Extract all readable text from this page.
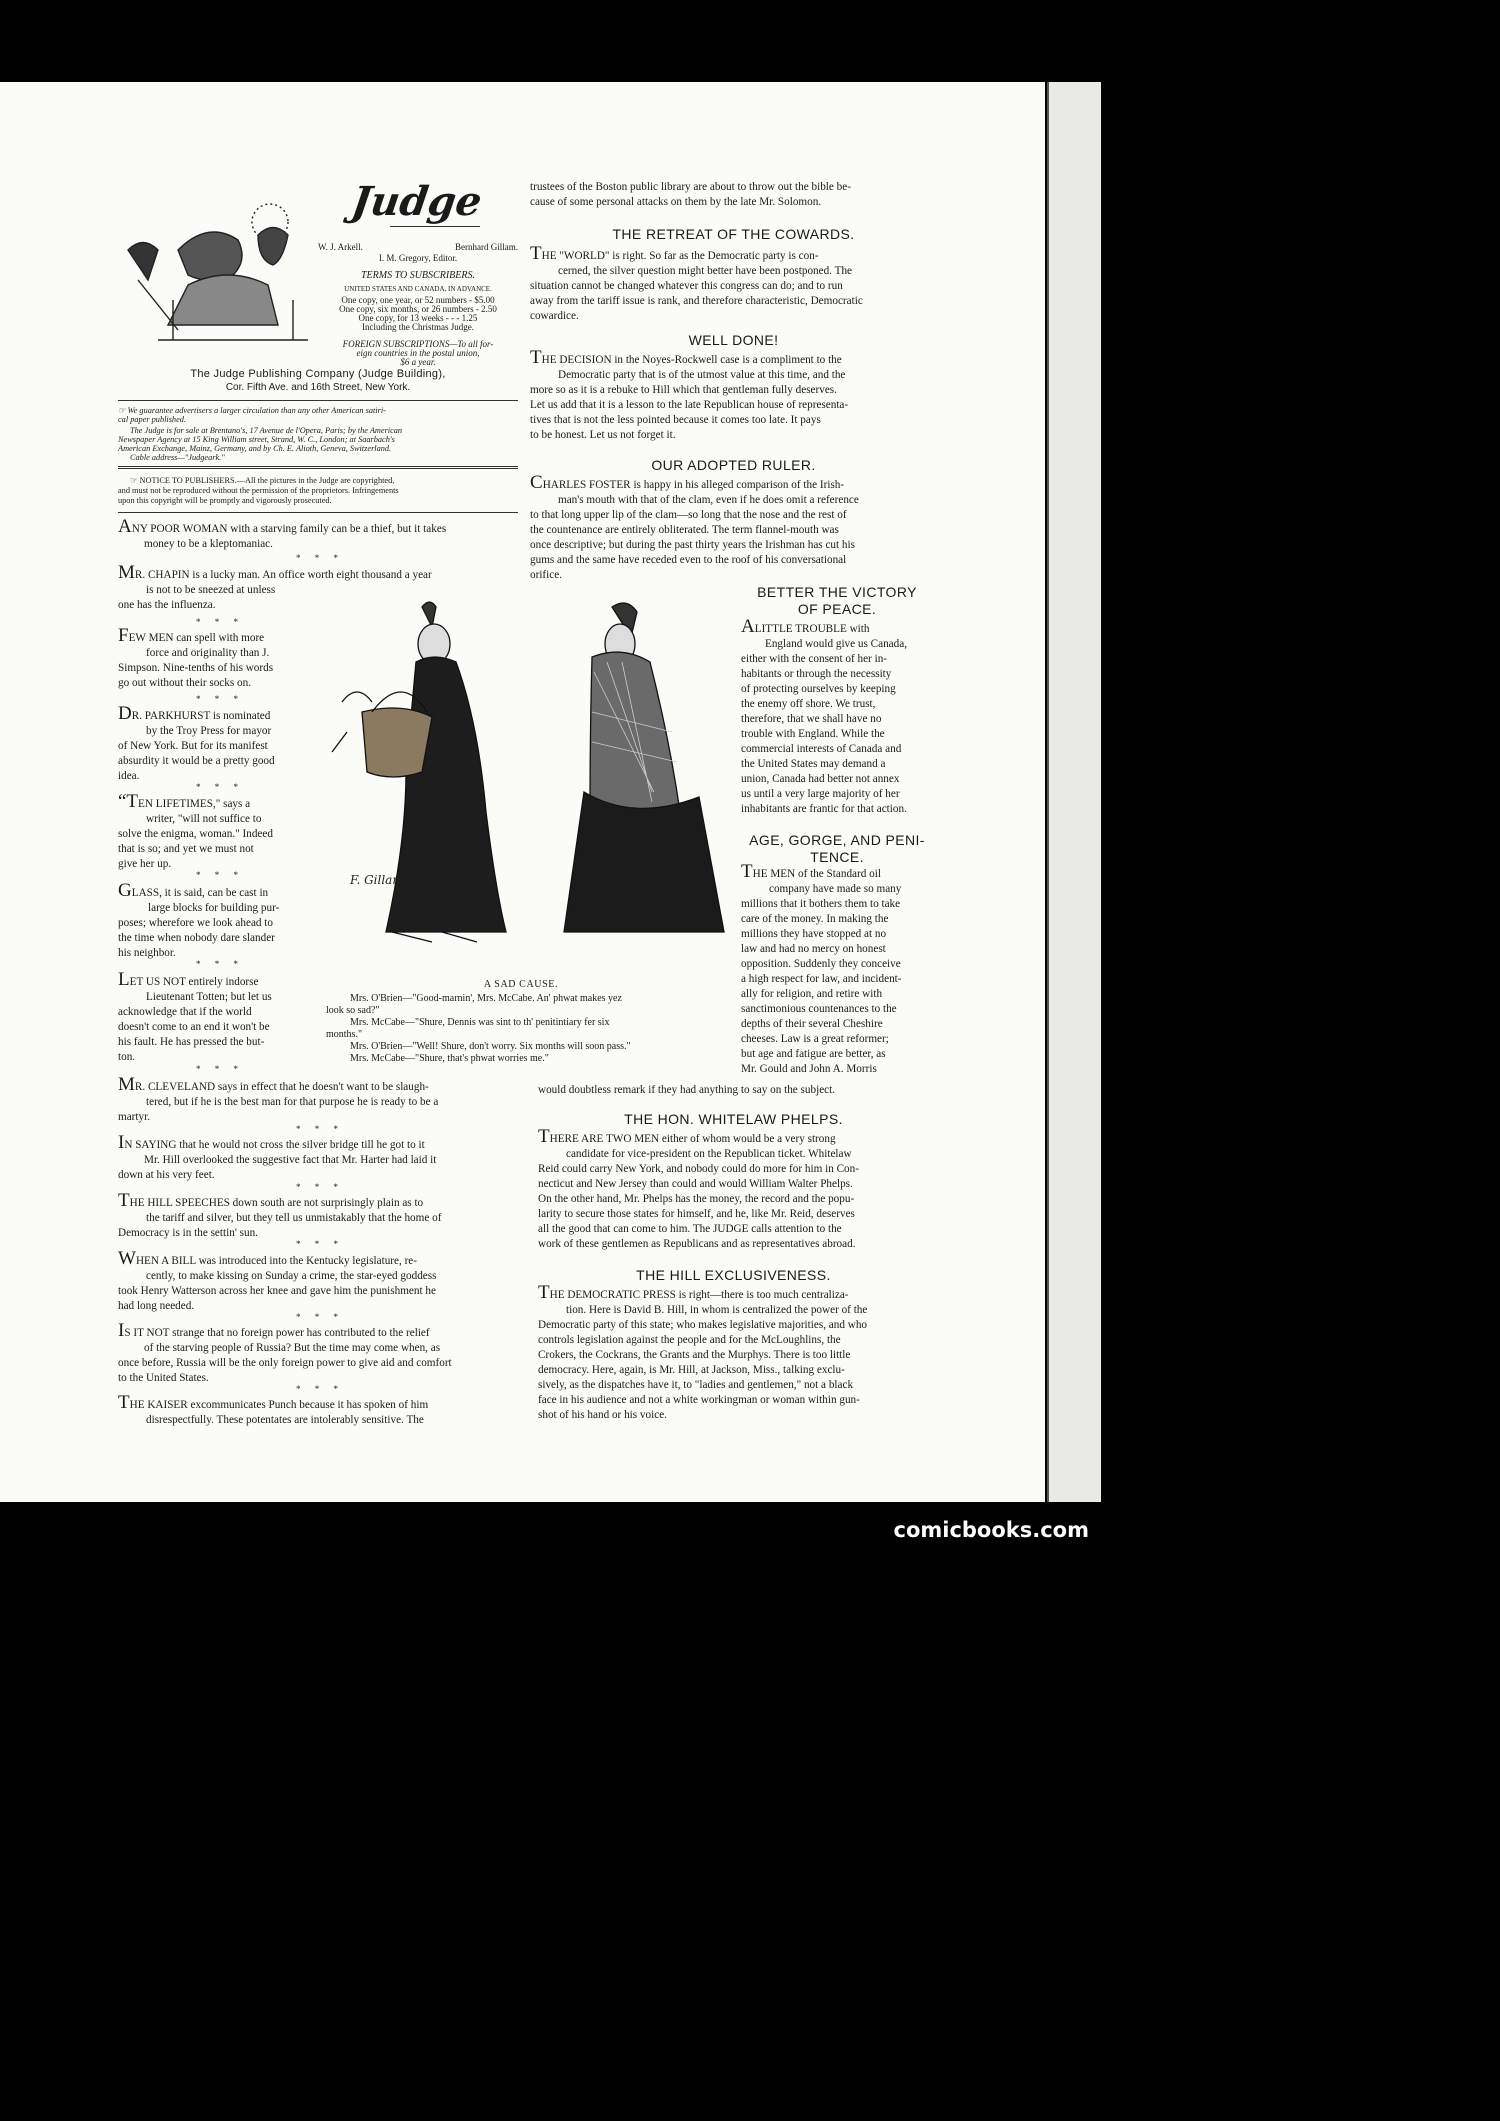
Judge
W. J. Arkell.	Bernhard Gillam.
I. M. Gregory, Editor.
TERMS TO SUBSCRIBERS.
UNITED STATES AND CANADA, IN ADVANCE.
One copy, one year, or 52 numbers - $5.00
One copy, six months, or 26 numbers - 2.50
One copy, for 13 weeks - - - 1.25
Including the Christmas Judge.
FOREIGN SUBSCRIPTIONS—To all for-
eign countries in the postal union,
$6 a year.
The Judge Publishing Company (Judge Building),
Cor. Fifth Ave. and 16th Street, New York.
☞ We guarantee advertisers a larger circulation than any other American satiri-
cal paper published.
The Judge is for sale at Brentano's, 17 Avenue de l'Opera, Paris; by the American
Newspaper Agency at 15 King William street, Strand, W. C., London; at Saarbach's
American Exchange, Mainz, Germany, and by Ch. E. Alioth, Geneva, Switzerland.
Cable address—"Judgeark."
☞ NOTICE TO PUBLISHERS.—All the pictures in the Judge are copyrighted,
and must not be reproduced without the permission of the proprietors. Infringements
upon this copyright will be promptly and vigorously prosecuted.
ANY POOR WOMAN with a starving family can be a thief, but it takes
money to be a kleptomaniac.
* * *
MR. CHAPIN is a lucky man. An office worth eight thousand a year
is not to be sneezed at unless
one has the influenza.
* * *
FEW MEN can spell with more
force and originality than J.
Simpson. Nine-tenths of his words
go out without their socks on.
* * *
DR. PARKHURST is nominated
by the Troy Press for mayor
of New York. But for its manifest
absurdity it would be a pretty good
idea.
* * *
“TEN LIFETIMES," says a
writer, "will not suffice to
solve the enigma, woman." Indeed
that is so; and yet we must not
give her up.
* * *
GLASS, it is said, can be cast in
large blocks for building pur-
poses; wherefore we look ahead to
the time when nobody dare slander
his neighbor.
* * *
LET US NOT entirely indorse
Lieutenant Totten; but let us
acknowledge that if the world
doesn't come to an end it won't be
his fault. He has pressed the but-
ton.
* * *
MR. CLEVELAND says in effect that he doesn't want to be slaugh-
tered, but if he is the best man for that purpose he is ready to be a
martyr.
* * *
IN SAYING that he would not cross the silver bridge till he got to it
Mr. Hill overlooked the suggestive fact that Mr. Harter had laid it
down at his very feet.
* * *
THE HILL SPEECHES down south are not surprisingly plain as to
the tariff and silver, but they tell us unmistakably that the home of
Democracy is in the settin' sun.
* * *
WHEN A BILL was introduced into the Kentucky legislature, re-
cently, to make kissing on Sunday a crime, the star-eyed goddess
took Henry Watterson across her knee and gave him the punishment he
had long needed.
* * *
IS IT NOT strange that no foreign power has contributed to the relief
of the starving people of Russia? But the time may come when, as
once before, Russia will be the only foreign power to give aid and comfort
to the United States.
* * *
THE KAISER excommunicates Punch because it has spoken of him
disrespectfully. These potentates are intolerably sensitive. The
trustees of the Boston public library are about to throw out the bible be-
cause of some personal attacks on them by the late Mr. Solomon.
THE RETREAT OF THE COWARDS.
THE "WORLD" is right. So far as the Democratic party is con-
cerned, the silver question might better have been postponed. The
situation cannot be changed whatever this congress can do; and to run
away from the tariff issue is rank, and therefore characteristic, Democratic
cowardice.
WELL DONE!
THE DECISION in the Noyes-Rockwell case is a compliment to the
Democratic party that is of the utmost value at this time, and the
more so as it is a rebuke to Hill which that gentleman fully deserves.
Let us add that it is a lesson to the late Republican house of representa-
tives that is not the less pointed because it comes too late. It pays
to be honest. Let us not forget it.
OUR ADOPTED RULER.
CHARLES FOSTER is happy in his alleged comparison of the Irish-
man's mouth with that of the clam, even if he does omit a reference
to that long upper lip of the clam—so long that the nose and the rest of
the countenance are entirely obliterated. The term flannel-mouth was
once descriptive; but during the past thirty years the Irishman has cut his
gums and the same have receded even to the roof of his conversational
orifice.
BETTER THE VICTORY
OF PEACE.
ALITTLE TROUBLE with
England would give us Canada,
either with the consent of her in-
habitants or through the necessity
of protecting ourselves by keeping
the enemy off shore. We trust,
therefore, that we shall have no
trouble with England. While the
commercial interests of Canada and
the United States may demand a
union, Canada had better not annex
us until a very large majority of her
inhabitants are frantic for that action.
AGE, GORGE, AND PENI-
TENCE.
THE MEN of the Standard oil
company have made so many
millions that it bothers them to take
care of the money. In making the
millions they have stopped at no
law and had no mercy on honest
opposition. Suddenly they conceive
a high respect for law, and incident-
ally for religion, and retire with
sanctimonious countenances to the
depths of their several Cheshire
cheeses. Law is a great reformer;
but age and fatigue are better, as
Mr. Gould and John A. Morris
would doubtless remark if they had anything to say on the subject.
THE HON. WHITELAW PHELPS.
THERE ARE TWO MEN either of whom would be a very strong
candidate for vice-president on the Republican ticket. Whitelaw
Reid could carry New York, and nobody could do more for him in Con-
necticut and New Jersey than could and would William Walter Phelps.
On the other hand, Mr. Phelps has the money, the record and the popu-
larity to secure those states for himself, and he, like Mr. Reid, deserves
all the good that can come to him. The JUDGE calls attention to the
work of these gentlemen as Republicans and as representatives abroad.
THE HILL EXCLUSIVENESS.
THE DEMOCRATIC PRESS is right—there is too much centraliza-
tion. Here is David B. Hill, in whom is centralized the power of the
Democratic party of this state; who makes legislative majorities, and who
controls legislation against the people and for the McLoughlins, the
Crokers, the Cockrans, the Grants and the Murphys. There is too little
democracy. Here, again, is Mr. Hill, at Jackson, Miss., talking exclu-
sively, as the dispatches have it, to "ladies and gentlemen," not a black
face in his audience and not a white workingman or woman within gun-
shot of his hand or his voice.
F. Gillam
A SAD CAUSE.
Mrs. O'Brien—"Good-marnin', Mrs. McCabe. An' phwat makes yez
look so sad?"
Mrs. McCabe—"Shure, Dennis was sint to th' penitintiary fer six
months."
Mrs. O'Brien—"Well! Shure, don't worry. Six months will soon pass."
Mrs. McCabe—"Shure, that's phwat worries me."
comicbooks.com
